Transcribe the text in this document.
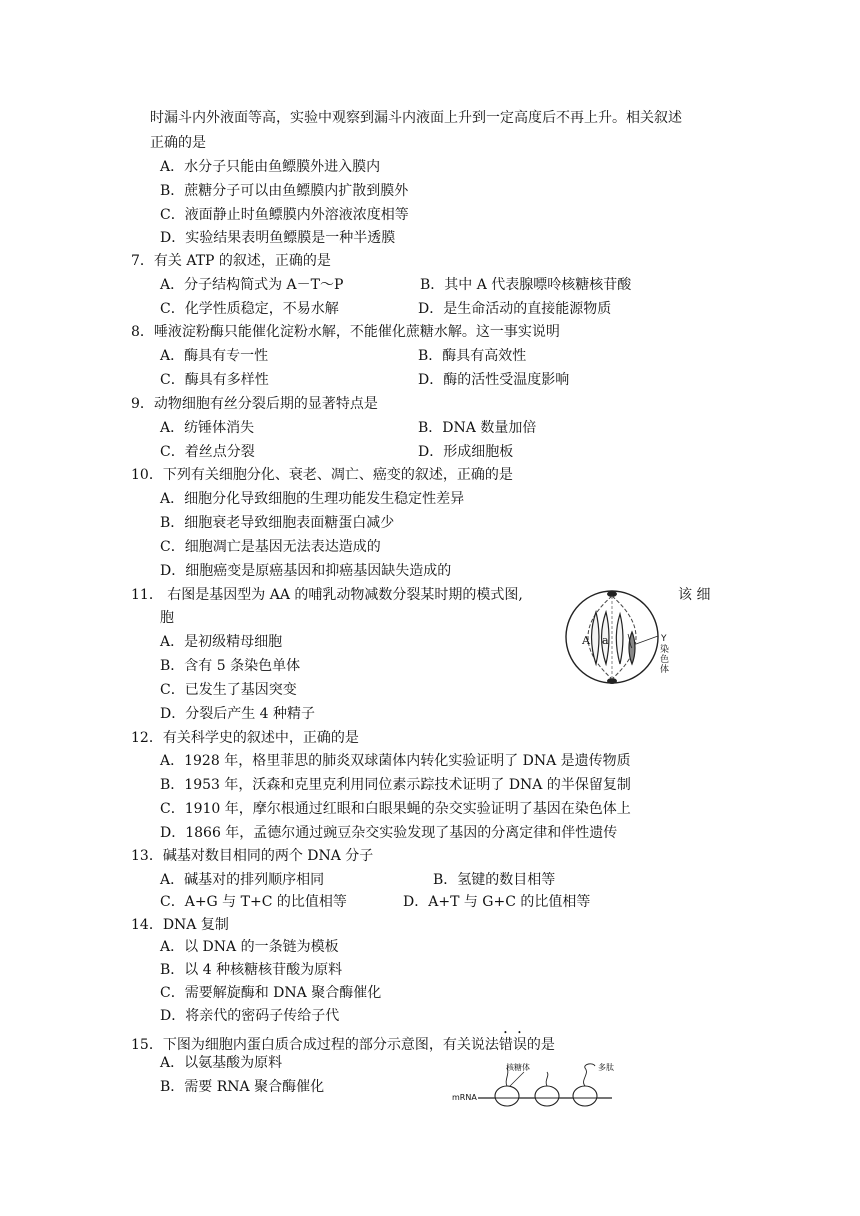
时漏斗内外液面等高，实验中观察到漏斗内液面上升到一定高度后不再上升。相关叙述
正确的是
A．水分子只能由鱼鳔膜外进入膜内
B．蔗糖分子可以由鱼鳔膜内扩散到膜外
C．液面静止时鱼鳔膜内外溶液浓度相等
D．实验结果表明鱼鳔膜是一种半透膜
7．有关 ATP 的叙述，正确的是
A．分子结构简式为 A－T～P	B．其中 A 代表腺嘌呤核糖核苷酸
C．化学性质稳定，不易水解	D．是生命活动的直接能源物质
8．唾液淀粉酶只能催化淀粉水解，不能催化蔗糖水解。这一事实说明
A．酶具有专一性	B．酶具有高效性
C．酶具有多样性	D．酶的活性受温度影响
9．动物细胞有丝分裂后期的显著特点是
A．纺锤体消失	B．DNA 数量加倍
C．着丝点分裂	D．形成细胞板
10．下列有关细胞分化、衰老、凋亡、癌变的叙述，正确的是
A．细胞分化导致细胞的生理功能发生稳定性差异
B．细胞衰老导致细胞表面糖蛋白减少
C．细胞凋亡是基因无法表达造成的
D．细胞癌变是原癌基因和抑癌基因缺失造成的
11． 右图是基因型为 AA 的哺乳动物减数分裂某时期的模式图,	该 细
胞
A．是初级精母细胞
B．含有 5 条染色单体
C．已发生了基因突变
D．分裂后产生 4 种精子
A a	Y
染
色
体
12．有关科学史的叙述中，正确的是
A．1928 年，格里菲思的肺炎双球菌体内转化实验证明了 DNA 是遗传物质
B．1953 年，沃森和克里克利用同位素示踪技术证明了 DNA 的半保留复制
C．1910 年，摩尔根通过红眼和白眼果蝇的杂交实验证明了基因在染色体上
D．1866 年，孟德尔通过豌豆杂交实验发现了基因的分离定律和伴性遗传
13．碱基对数目相同的两个 DNA 分子
A．碱基对的排列顺序相同	B．氢键的数目相等
C．A+G 与 T+C 的比值相等	D．A+T 与 G+C 的比值相等
14．DNA 复制
A．以 DNA 的一条链为模板
B．以 4 种核糖核苷酸为原料
C．需要解旋酶和 DNA 聚合酶催化
D．将亲代的密码子传给子代
15．下图为细胞内蛋白质合成过程的部分示意图，有关说法错误的是
A．以氨基酸为原料
B．需要 RNA 聚合酶催化
mRNA
核糖体	多肽
